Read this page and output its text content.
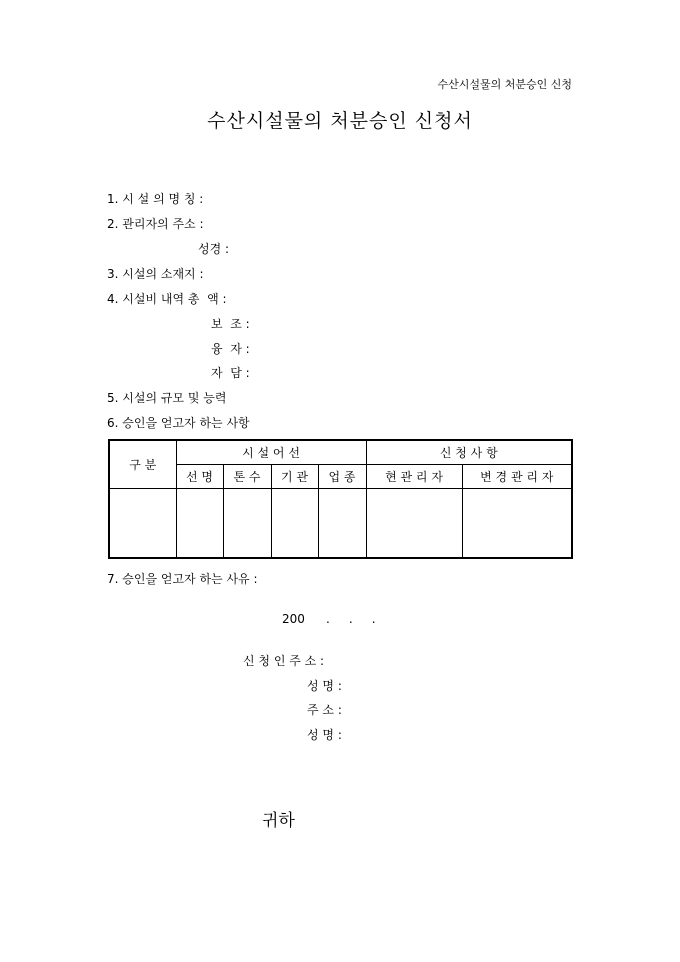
수산시설물의 처분승인 신청
수산시설물의 처분승인 신청서
1. 시 설 의 명 칭 :
2. 관리자의 주소 :
성경 :
3. 시설의 소재지 :
4. 시설비 내역 총  액 :
보  조 :
융  자 :
자  담 :
5. 시설의 규모 및 능력
6. 승인을 얻고자 하는 사항
구 분	시 설 어 선				신 청 사 항	
	선 명	톤 수	기 관	업 종	현 관 리 자	변 경 관 리 자

7. 승인을 얻고자 하는 사유 :
200 .     .     .
신 청 인 주 소 :
성 명 :
주 소 :
성 명 :
귀하
